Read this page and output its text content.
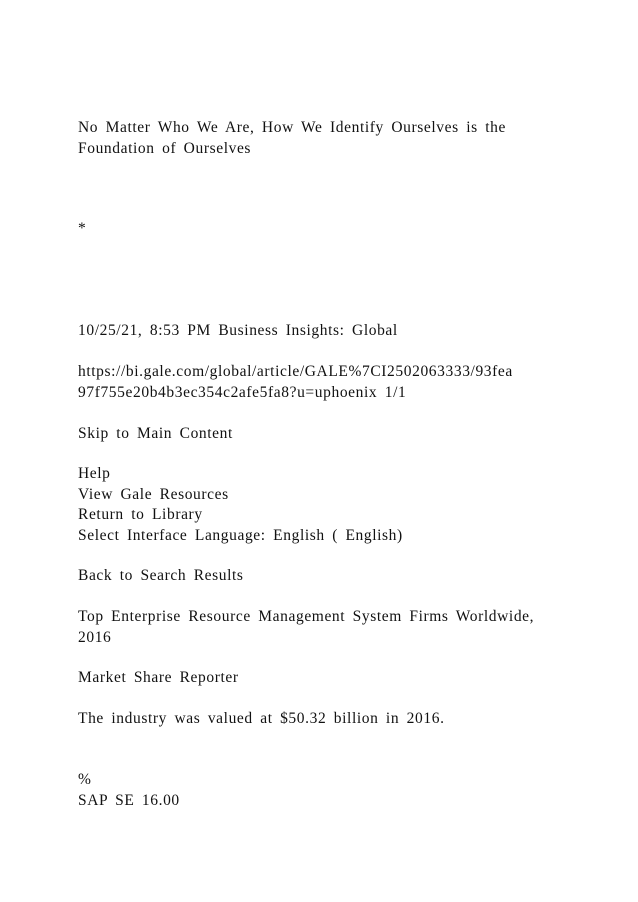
No Matter Who We Are, How We Identify Ourselves is the
Foundation of Ourselves
*
10/25/21, 8:53 PM Business Insights: Global
https://bi.gale.com/global/article/GALE%7CI2502063333/93fea
97f755e20b4b3ec354c2afe5fa8?u=uphoenix 1/1
Skip to Main Content
Help
View Gale Resources
Return to Library
Select Interface Language: English ( English)
Back to Search Results
Top Enterprise Resource Management System Firms Worldwide,
2016
Market Share Reporter
The industry was valued at $50.32 billion in 2016.
%
SAP SE 16.00
